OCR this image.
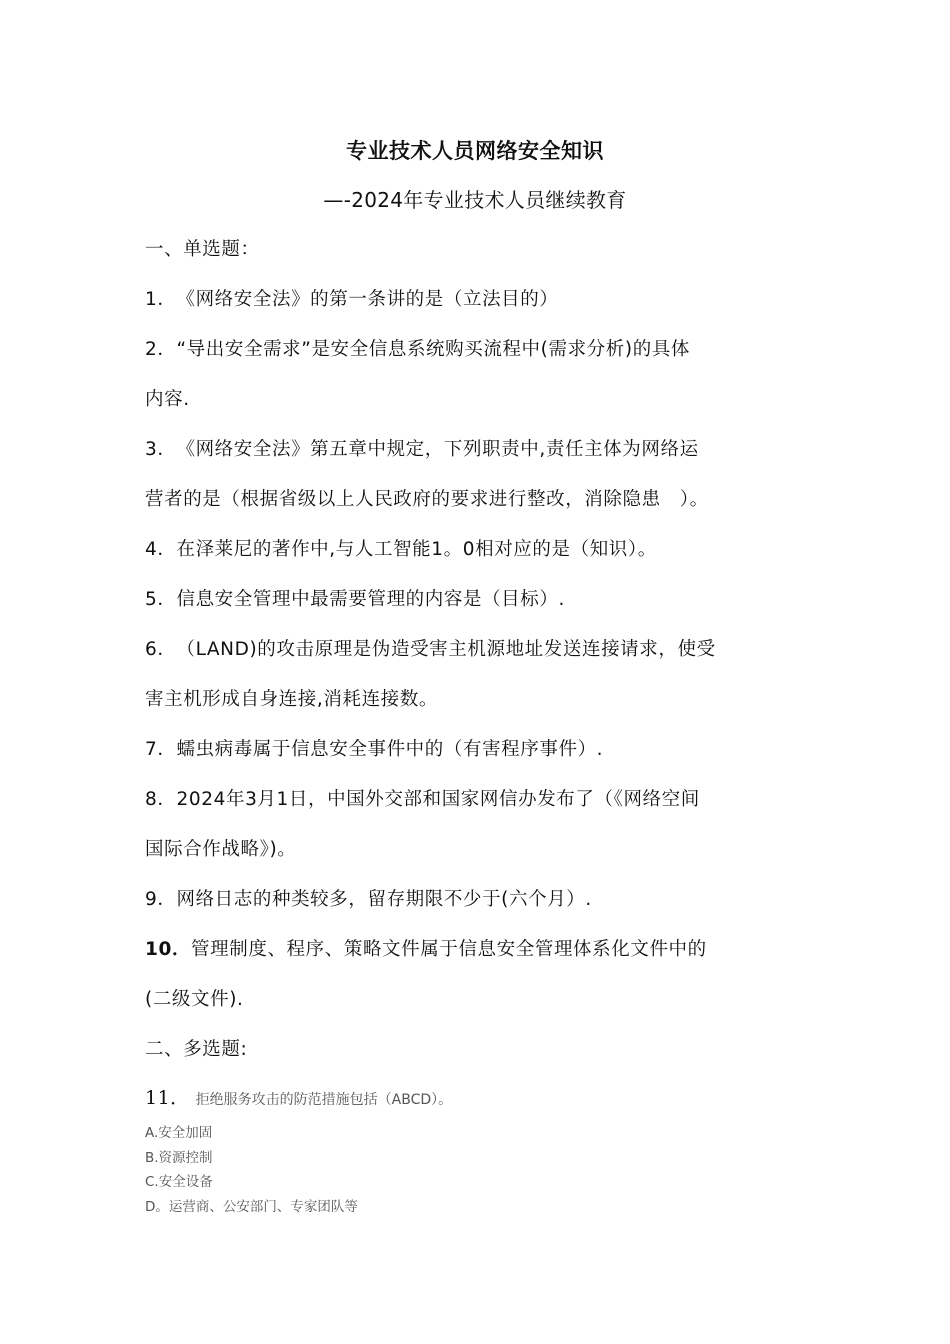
专业技术人员网络安全知识
—-2024年专业技术人员继续教育
一、单选题：
1．《网络安全法》的第一条讲的是（立法目的）
2．“导出安全需求”是安全信息系统购买流程中(需求分析)的具体
内容.
3．《网络安全法》第五章中规定，下列职责中,责任主体为网络运
营者的是（根据省级以上人民政府的要求进行整改，消除隐患　）。
4．在泽莱尼的著作中,与人工智能1。0相对应的是（知识）。
5．信息安全管理中最需要管理的内容是（目标）.
6．（LAND)的攻击原理是伪造受害主机源地址发送连接请求，使受
害主机形成自身连接,消耗连接数。
7．蠕虫病毒属于信息安全事件中的（有害程序事件）.
8．2024年3月1日，中国外交部和国家网信办发布了（《网络空间
国际合作战略》)。
9．网络日志的种类较多，留存期限不少于(六个月）.
10．管理制度、程序、策略文件属于信息安全管理体系化文件中的
(二级文件).
二、多选题:
11． 拒绝服务攻击的防范措施包括（ABCD）。
A.安全加固
B.资源控制
C.安全设备
D。运营商、公安部门、专家团队等
